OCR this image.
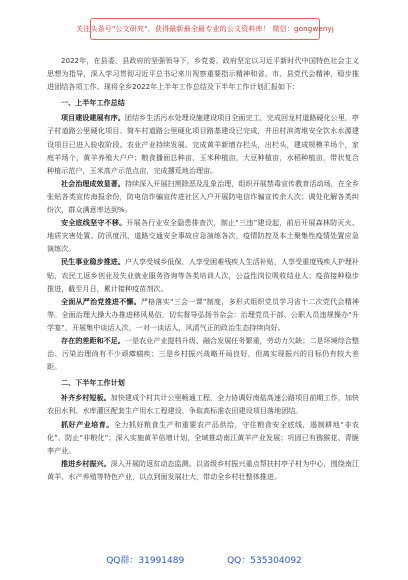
关注头条号"公文研究"，获得最新最全最专业的公文资料库！ 微信：gongwenyj

2022年，在县委、县政府的坚强领导下，乡党委、政府坚定以习近平新时代中国特色社会主义思想为指导，深入学习贯彻习近平总书记来川视察重要指示精神和省、市、县党代会精神，稳步推进团结各项工作。现将全乡2022年上半年工作总结及下半年工作计划汇报如下：

一、上半年工作总结

项目建设建展有序。团结乡生活污水处理设施建设项目全面完工，完成回龙村道路硬化公里，亭子村道路公里硬化项目、简车村道路公里硬化项目路基建设已完成，井田村滨湾堆安全饮水水源建设项目已进入验收阶段。农业产业持续发展。完成黄羊新增存栏头，出栏头，建成规模羊场个，家庭羊场个，黄羊养殖大户户；粮食播面总种亩，玉米种植亩，大豆种植亩，水稻种植亩，带状复合种植示范户，玉米高产示范点亩，完成撂荒地治理亩。

社会治理成效显著。持续深入开展扫黑除恶及乱象治理，组织开展禁毒宣传教育活动场，在全乡张贴各类宣传海报余份，防电信诈骗宣传进社区入户开展防电信诈骗宣传余人次；调处化解各类纠纷次，群众满意率达到%。

安全底线坚守不移。开展各行业安全隐患排查次，制止“三违”建设起，前后开展森林防灭火、地质灾害处置、防汛度汛、道路交通安全事故应急演练各次，疫情防控及本土聚集性疫情处置应急演练次。

民生事业稳步推进。户人享受城乡低保，人享受困难残疾人生活补贴，人享受重度残疾人护理补贴，农民工返乡创业及失业就业服务咨询等各类培训人次，公益性岗位吸收结业人；疫苗接种稳步推进，截至月日，累计接种疫苗剂次。

全面从严治党推进不懈。严格落实“三会一课”制度，多形式组织党员学习省十二次党代会精神等。全面治理大操大办推进移风易俗，切实督导弘扬书杂会：治理党员干部、公职人员违规操办“升学宴”，开展集中谈话人次，一对一谈话人，风清气正的政治生态持续向好。

存在的差距和不足。一是农业产业提档升级、融合发展任务繁重，劳动力欠缺；二是环境综合整治、污染治理尚有不少顽瘴痼疾；三是乡村振兴战略开局良好，但离实现振兴的目标仍有较大差距。

二、下半年工作计划

补齐乡村短板。加快建成个村共计公里畅通工程，全力协调好南盐高速公路项目前期工作，加快农田水利、水库灌区配套生产用水工程建设，争取高标准农田建设项目落地团结。

抓好产业培育。全力抓好粮食生产和重要农产品供给，守住粮食安全底线，遏制耕地“非农化”、防止“非粮化”；深入实施黄羊倍增计划，全域推动南江黄羊产业发展；巩固已有猕猴花、青脆李产业。

推进乡村振兴。深入开展防返贫动态监测。以省级乡村振兴重点帮扶村亭子村为中心，围绕南江黄羊、水产养殖等特色产业，以点到面发展壮大，带动全乡村壮整体推进。

QQ群：31991489	QQ：535304092
